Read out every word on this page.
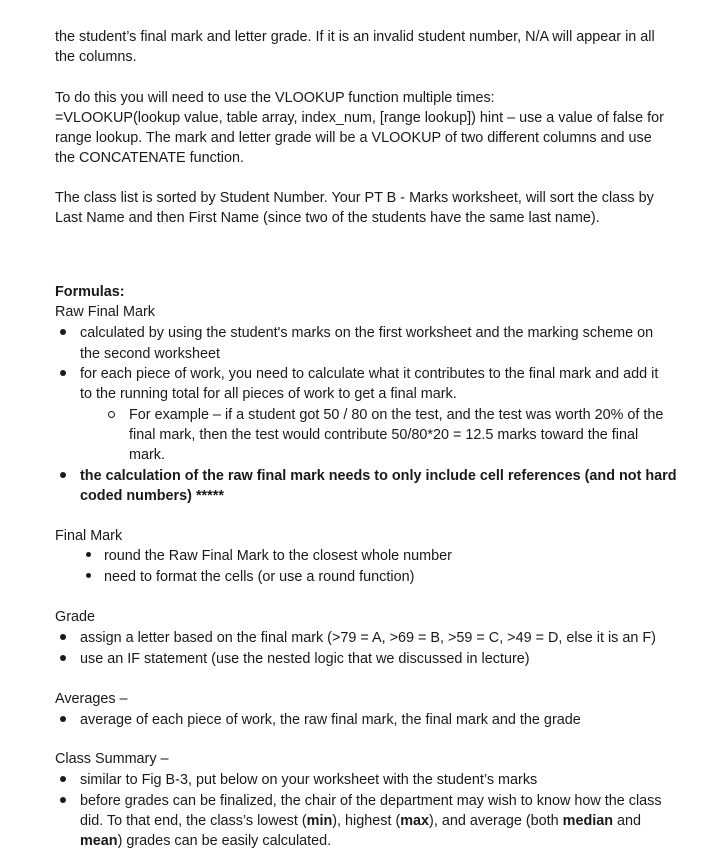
the student’s final mark and letter grade. If it is an invalid student number, N/A will appear in all
the columns.
To do this you will need to use the VLOOKUP function multiple times:
=VLOOKUP(lookup value, table array, index_num, [range lookup]) hint – use a value of false for
range lookup. The mark and letter grade will be a VLOOKUP of two different columns and use
the CONCATENATE function.
The class list is sorted by Student Number. Your PT B - Marks worksheet, will sort the class by
Last Name and then First Name (since two of the students have the same last name).
Formulas:
Raw Final Mark
calculated by using the student's marks on the first worksheet and the marking scheme on
the second worksheet
for each piece of work, you need to calculate what it contributes to the final mark and add it
to the running total for all pieces of work to get a final mark.
For example – if a student got 50 / 80 on the test, and the test was worth 20% of the
final mark, then the test would contribute 50/80*20 = 12.5 marks toward the final
mark.
the calculation of the raw final mark needs to only include cell references (and not hard
coded numbers) *****
Final Mark
round the Raw Final Mark to the closest whole number
need to format the cells (or use a round function)
Grade
assign a letter based on the final mark (>79 = A, >69 = B, >59 = C, >49 = D, else it is an F)
use an IF statement (use the nested logic that we discussed in lecture)
Averages –
average of each piece of work, the raw final mark, the final mark and the grade
Class Summary –
similar to Fig B-3, put below on your worksheet with the student’s marks
before grades can be finalized, the chair of the department may wish to know how the class
did. To that end, the class’s lowest (min), highest (max), and average (both median and
mean) grades can be easily calculated.
